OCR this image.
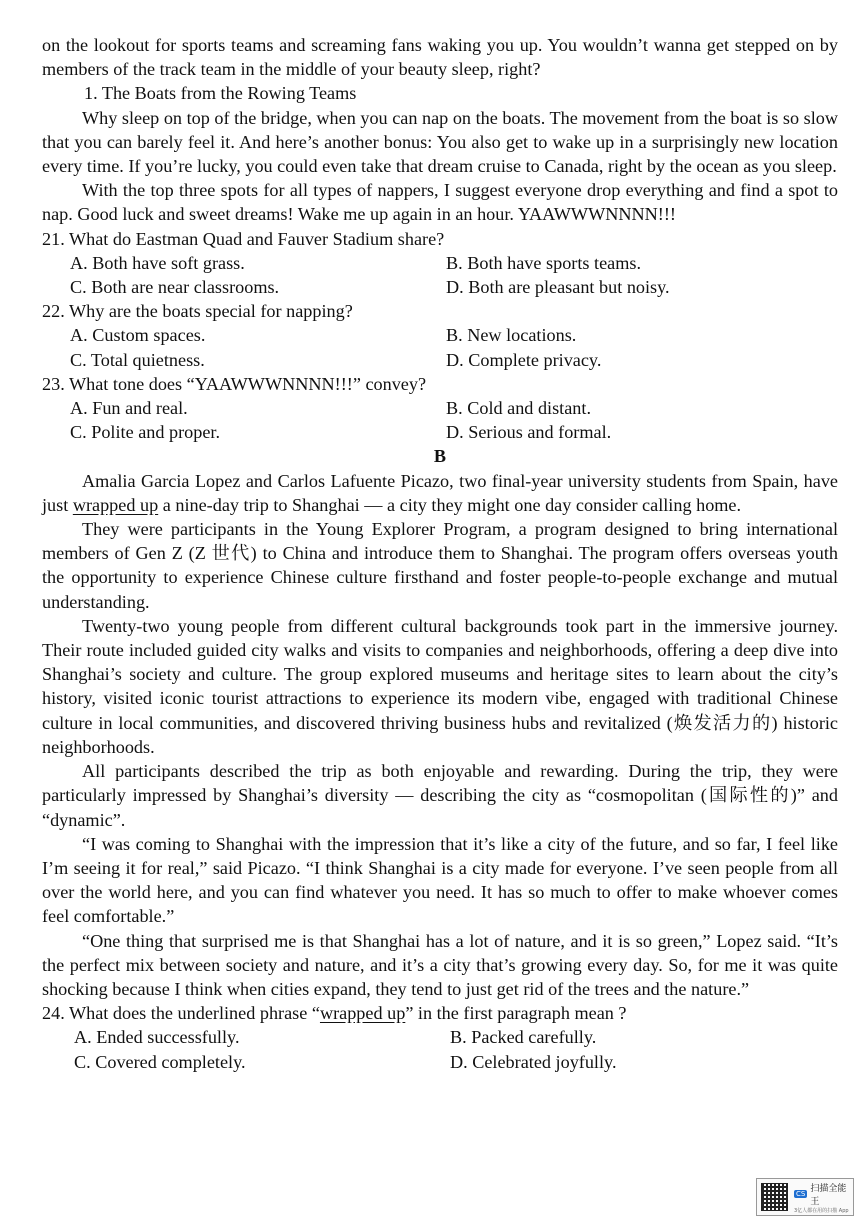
on the lookout for sports teams and screaming fans waking you up. You wouldn’t wanna get stepped on by members of the track team in the middle of your beauty sleep, right?

1. The Boats from the Rowing Teams

Why sleep on top of the bridge, when you can nap on the boats. The movement from the boat is so slow that you can barely feel it. And here’s another bonus: You also get to wake up in a surprisingly new location every time. If you’re lucky, you could even take that dream cruise to Canada, right by the ocean as you sleep.

With the top three spots for all types of nappers, I suggest everyone drop everything and find a spot to nap. Good luck and sweet dreams! Wake me up again in an hour. YAAWWWNNNN!!!

21. What do Eastman Quad and Fauver Stadium share?

A. Both have soft grass.	B. Both have sports teams.

C. Both are near classrooms.	D. Both are pleasant but noisy.

22. Why are the boats special for napping?

A. Custom spaces.	B. New locations.

C. Total quietness.	D. Complete privacy.

23. What tone does “YAAWWWNNNN!!!” convey?

A. Fun and real.	B. Cold and distant.

C. Polite and proper.	D. Serious and formal.

B

Amalia Garcia Lopez and Carlos Lafuente Picazo, two final-year university students from Spain, have just wrapped up a nine-day trip to Shanghai — a city they might one day consider calling home.

They were participants in the Young Explorer Program, a program designed to bring international members of Gen Z (Z 世代) to China and introduce them to Shanghai. The program offers overseas youth the opportunity to experience Chinese culture firsthand and foster people-to-people exchange and mutual understanding.

Twenty-two young people from different cultural backgrounds took part in the immersive journey. Their route included guided city walks and visits to companies and neighborhoods, offering a deep dive into Shanghai’s society and culture. The group explored museums and heritage sites to learn about the city’s history, visited iconic tourist attractions to experience its modern vibe, engaged with traditional Chinese culture in local communities, and discovered thriving business hubs and revitalized (焕发活力的) historic neighborhoods.

All participants described the trip as both enjoyable and rewarding. During the trip, they were particularly impressed by Shanghai’s diversity — describing the city as “cosmopolitan (国际性的)” and “dynamic”.

“I was coming to Shanghai with the impression that it’s like a city of the future, and so far, I feel like I’m seeing it for real,” said Picazo. “I think Shanghai is a city made for everyone. I’ve seen people from all over the world here, and you can find whatever you need. It has so much to offer to make whoever comes feel comfortable.”

“One thing that surprised me is that Shanghai has a lot of nature, and it is so green,” Lopez said. “It’s the perfect mix between society and nature, and it’s a city that’s growing every day. So, for me it was quite shocking because I think when cities expand, they tend to just get rid of the trees and the nature.”

24. What does the underlined phrase “wrapped up” in the first paragraph mean ?

A. Ended successfully.	B. Packed carefully.

C. Covered completely.	D. Celebrated joyfully.

CS 扫描全能王
3亿人都在用的扫描 App
